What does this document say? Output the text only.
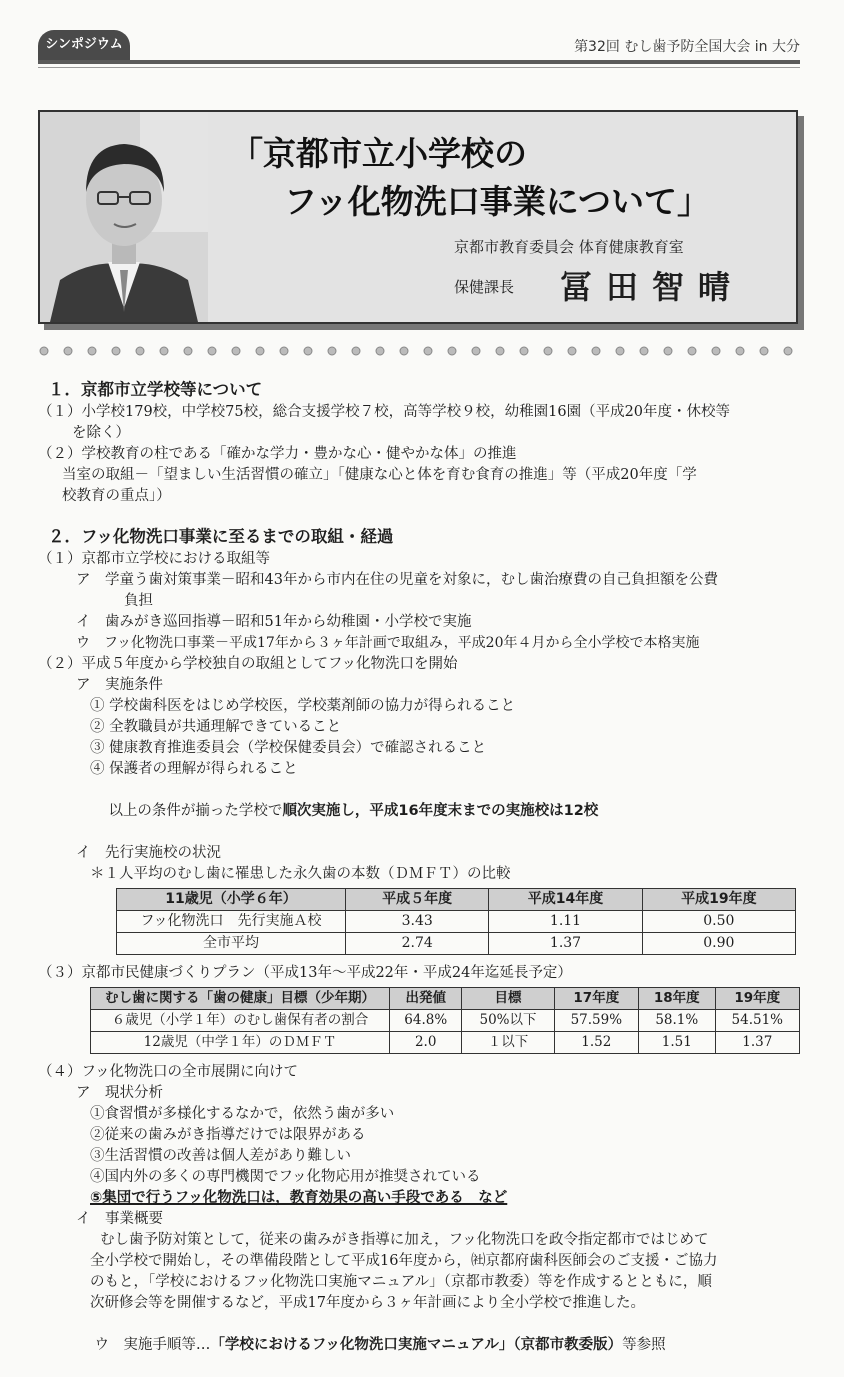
シンポジウム	第32回 むし歯予防全国大会 in 大分
「京都市立小学校の
フッ化物洗口事業について」
京都市教育委員会 体育健康教育室
保健課長 冨田智晴
１．京都市立学校等について
（１）小学校179校，中学校75校，総合支援学校７校，高等学校９校，幼稚園16園（平成20年度・休校等
を除く）
（２）学校教育の柱である「確かな学力・豊かな心・健やかな体」の推進
当室の取組－「望ましい生活習慣の確立」「健康な心と体を育む食育の推進」等（平成20年度「学
校教育の重点」）
２．フッ化物洗口事業に至るまでの取組・経過
（１）京都市立学校における取組等
ア　学童う歯対策事業－昭和43年から市内在住の児童を対象に，むし歯治療費の自己負担額を公費
負担
イ　歯みがき巡回指導－昭和51年から幼稚園・小学校で実施
ウ　フッ化物洗口事業－平成17年から３ヶ年計画で取組み，平成20年４月から全小学校で本格実施
（２）平成５年度から学校独自の取組としてフッ化物洗口を開始
ア　実施条件
① 学校歯科医をはじめ学校医，学校薬剤師の協力が得られること
② 全教職員が共通理解できていること
③ 健康教育推進委員会（学校保健委員会）で確認されること
④ 保護者の理解が得られること

以上の条件が揃った学校で順次実施し，平成16年度末までの実施校は12校

イ　先行実施校の状況
＊１人平均のむし歯に罹患した永久歯の本数（ＤＭＦＴ）の比較
11歳児（小学６年）	平成５年度	平成14年度	平成19年度
フッ化物洗口　先行実施Ａ校	3.43	1.11	0.50
全市平均	2.74	1.37	0.90
（３）京都市民健康づくりプラン（平成13年～平成22年・平成24年迄延長予定）
むし歯に関する「歯の健康」目標（少年期）	出発値	目標	17年度	18年度	19年度
６歳児（小学１年）のむし歯保有者の割合	64.8%	50%以下	57.59%	58.1%	54.51%
12歳児（中学１年）のＤＭＦＴ	2.0	１以下	1.52	1.51	1.37
（４）フッ化物洗口の全市展開に向けて
ア　現状分析
①食習慣が多様化するなかで，依然う歯が多い
②従来の歯みがき指導だけでは限界がある
③生活習慣の改善は個人差があり難しい
④国内外の多くの専門機関でフッ化物応用が推奨されている
⑤集団で行うフッ化物洗口は，教育効果の高い手段である　など
イ　事業概要
むし歯予防対策として，従来の歯みがき指導に加え，フッ化物洗口を政令指定都市ではじめて
全小学校で開始し，その準備段階として平成16年度から，㈳京都府歯科医師会のご支援・ご協力
のもと，「学校におけるフッ化物洗口実施マニュアル」（京都市教委）等を作成するとともに，順
次研修会等を開催するなど，平成17年度から３ヶ年計画により全小学校で推進した。

ウ　実施手順等…「学校におけるフッ化物洗口実施マニュアル」（京都市教委版）等参照
